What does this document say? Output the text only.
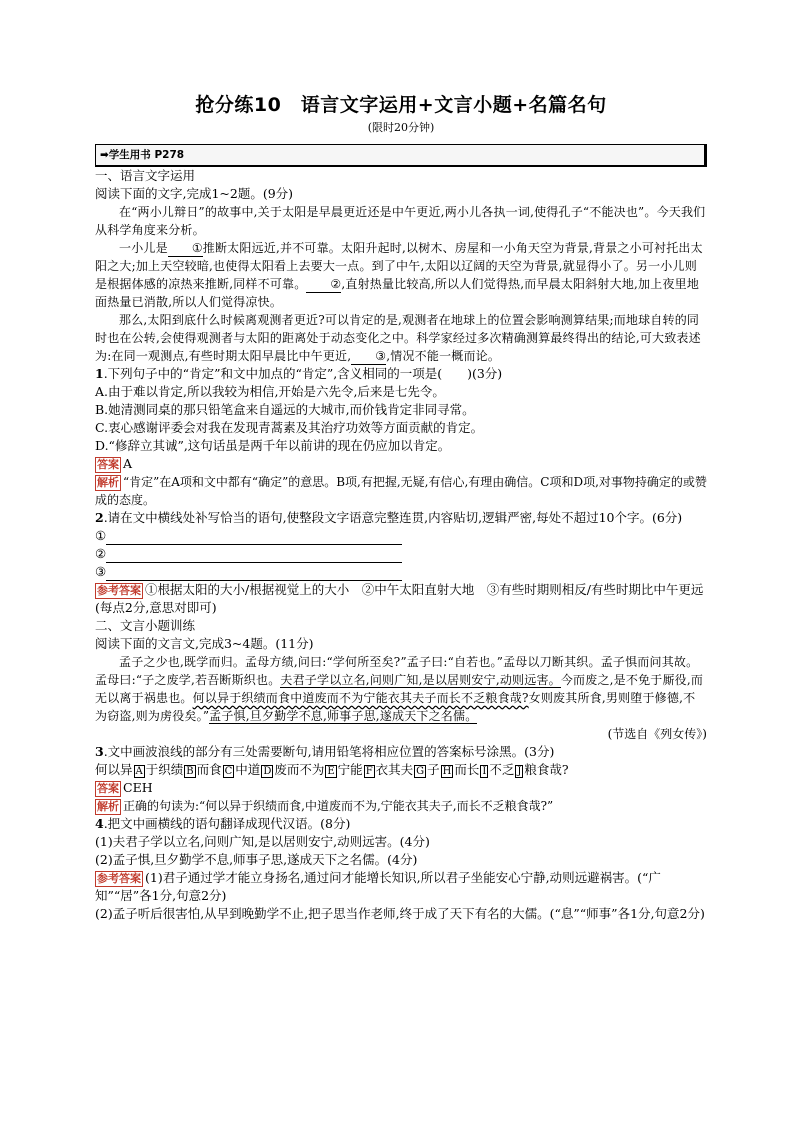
抢分练10　语言文字运用+文言小题+名篇名句
(限时20分钟)
➡学生用书 P278
一、语言文字运用
阅读下面的文字,完成1~2题。(9分)
在“两小儿辩日”的故事中,关于太阳是早晨更近还是中午更近,两小儿各执一词,使得孔子“不能决也”。今天我们从科学角度来分析。
一小儿是 ①推断太阳远近,并不可靠。太阳升起时,以树木、房屋和一小角天空为背景,背景之小可衬托出太阳之大;加上天空较暗,也使得太阳看上去要大一点。到了中午,太阳以辽阔的天空为背景,就显得小了。另一小儿则是根据体感的凉热来推断,同样不可靠。 ②,直射热量比较高,所以人们觉得热,而早晨太阳斜射大地,加上夜里地面热量已消散,所以人们觉得凉快。
那么,太阳到底什么时候离观测者更近?可以肯定的是,观测者在地球上的位置会影响测算结果;而地球自转的同时也在公转,会使得观测者与太阳的距离处于动态变化之中。科学家经过多次精确测算最终得出的结论,可大致表述为:在同一观测点,有些时期太阳早晨比中午更近, ③,情况不能一概而论。
1.下列句子中的“肯定”和文中加点的“肯定”,含义相同的一项是(　　)(3分)
A.由于难以肯定,所以我较为相信,开始是六先令,后来是七先令。
B.她清测同桌的那只铅笔盒来自遥远的大城市,而价钱肯定非同寻常。
C.衷心感谢评委会对我在发现青蒿素及其治疗功效等方面贡献的肯定。
D.“修辞立其诚”,这句话虽是两千年以前讲的现在仍应加以肯定。
答案 A
解析 “肯定”在A项和文中都有“确定”的意思。B项,有把握,无疑,有信心,有理由确信。C项和D项,对事物持确定的或赞成的态度。
2.请在文中横线处补写恰当的语句,使整段文字语意完整连贯,内容贴切,逻辑严密,每处不超过10个字。(6分)
①
②
③
参考答案 ①根据太阳的大小/根据视觉上的大小　②中午太阳直射大地　③有些时期则相反/有些时期比中午更远(每点2分,意思对即可)
二、文言小题训练
阅读下面的文言文,完成3~4题。(11分)
孟子之少也,既学而归。孟母方绩,问曰:“学何所至矣?”孟子曰:“自若也。”孟母以刀断其织。孟子惧而问其故。孟母曰:“子之废学,若吾断斯织也。夫君子学以立名,问则广知,是以居则安宁,动则远害。今而废之,是不免于厮役,而无以离于祸患也。何以异于织绩而食中道废而不为宁能衣其夫子而长不乏粮食哉?女则废其所食,男则堕于修德,不为窃盗,则为虏役矣。”孟子惧,旦夕勤学不息,师事子思,遂成天下之名儒。
(节选自《列女传》)
3.文中画波浪线的部分有三处需要断句,请用铅笔将相应位置的答案标号涂黑。(3分)
何以异 A 于织绩 B 而食 C 中道 D 废而不为 E 宁能 F 衣其夫 G 子 H 而长 I 不乏 J 粮食哉?
答案 CEH
解析 正确的句读为:“何以异于织绩而食,中道废而不为,宁能衣其夫子,而长不乏粮食哉?”
4.把文中画横线的语句翻译成现代汉语。(8分)
(1)夫君子学以立名,问则广知,是以居则安宁,动则远害。(4分)
(2)孟子惧,旦夕勤学不息,师事子思,遂成天下之名儒。(4分)
参考答案 (1)君子通过学才能立身扬名,通过问才能增长知识,所以君子坐能安心宁静,动则远避祸害。(“广知”“居”各1分,句意2分)
(2)孟子听后很害怕,从早到晚勤学不止,把子思当作老师,终于成了天下有名的大儒。(“息”“师事”各1分,句意2分)
